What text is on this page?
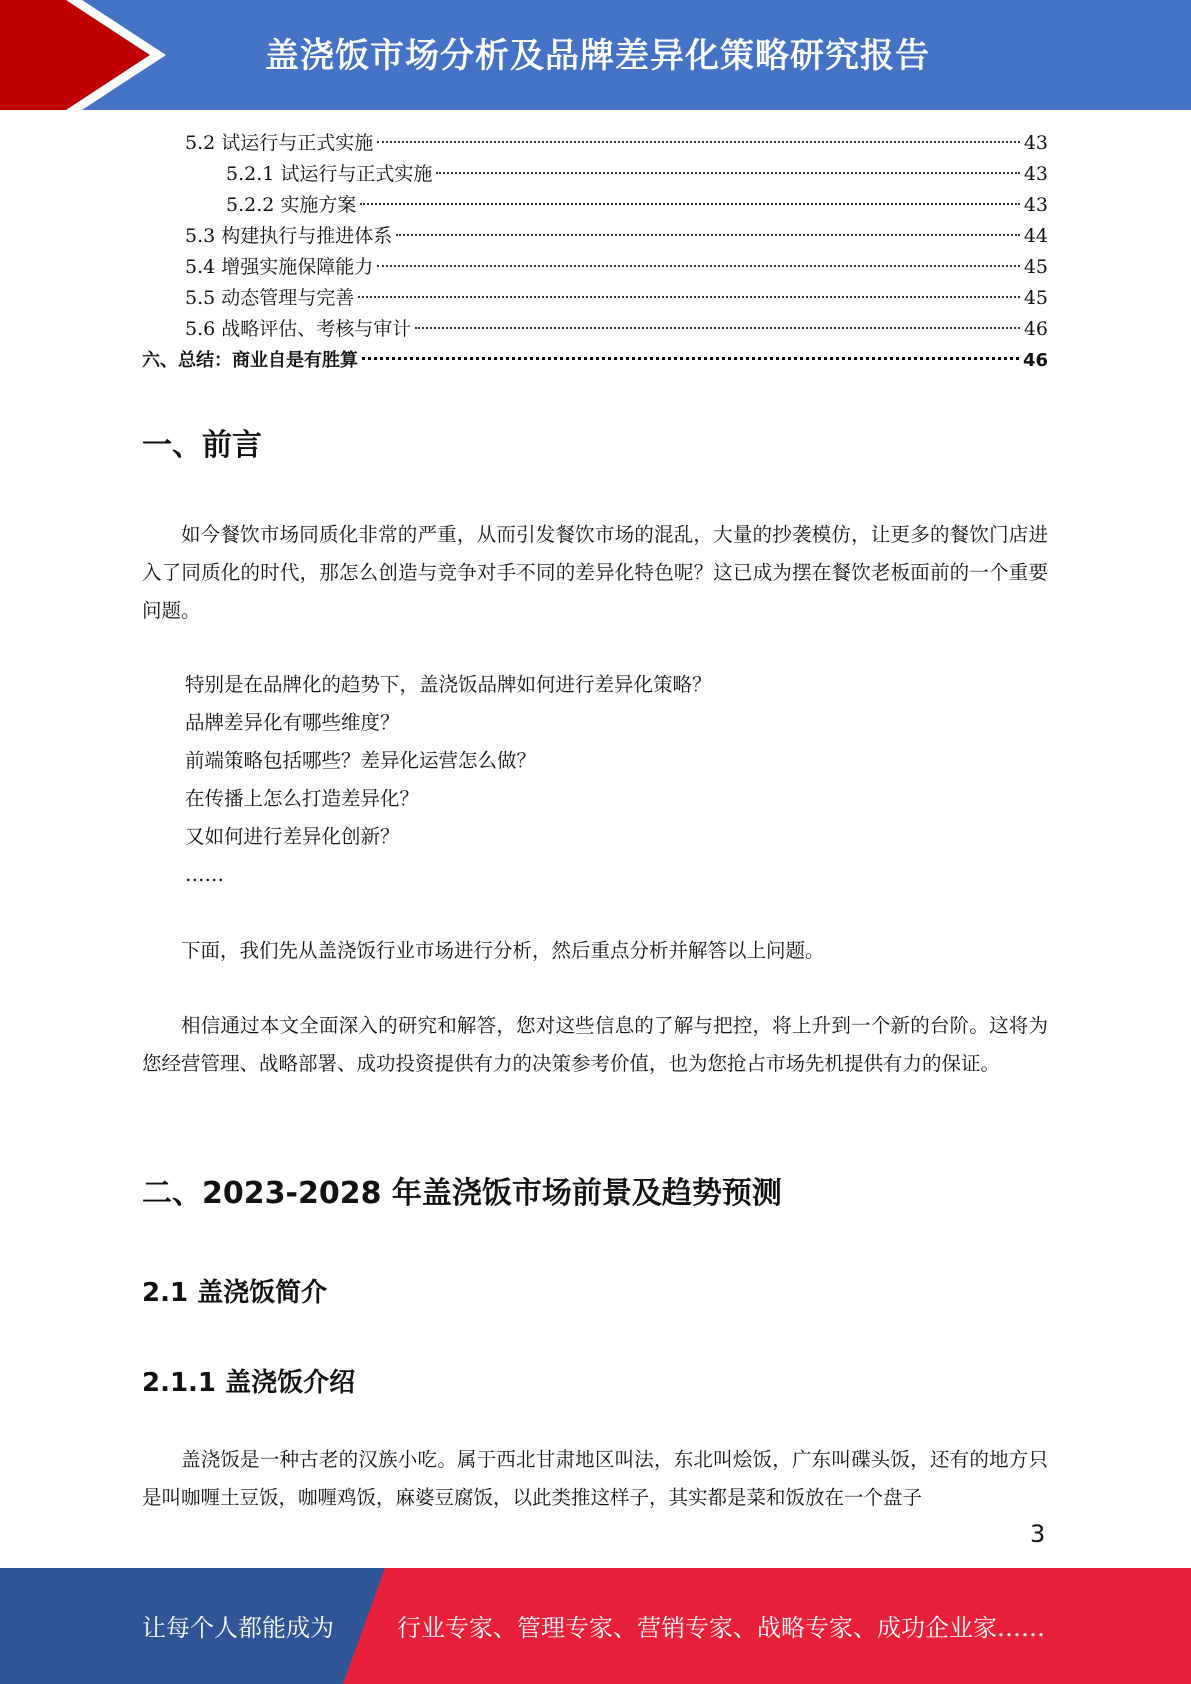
盖浇饭市场分析及品牌差异化策略研究报告
5.2 试运行与正式实施	43
5.2.1 试运行与正式实施	43
5.2.2 实施方案	43
5.3 构建执行与推进体系	44
5.4 增强实施保障能力	45
5.5 动态管理与完善	45
5.6 战略评估、考核与审计	46
六、总结：商业自是有胜算	46
一、前言
如今餐饮市场同质化非常的严重，从而引发餐饮市场的混乱，大量的抄袭模仿，让更多的餐饮门店进入了同质化的时代，那怎么创造与竞争对手不同的差异化特色呢？这已成为摆在餐饮老板面前的一个重要问题。
特别是在品牌化的趋势下，盖浇饭品牌如何进行差异化策略？
品牌差异化有哪些维度？
前端策略包括哪些？差异化运营怎么做？
在传播上怎么打造差异化？
又如何进行差异化创新？
……
下面，我们先从盖浇饭行业市场进行分析，然后重点分析并解答以上问题。
相信通过本文全面深入的研究和解答，您对这些信息的了解与把控，将上升到一个新的台阶。这将为您经营管理、战略部署、成功投资提供有力的决策参考价值，也为您抢占市场先机提供有力的保证。
二、2023-2028 年盖浇饭市场前景及趋势预测
2.1 盖浇饭简介
2.1.1 盖浇饭介绍
盖浇饭是一种古老的汉族小吃。属于西北甘肃地区叫法，东北叫烩饭，广东叫碟头饭，还有的地方只是叫咖喱土豆饭，咖喱鸡饭，麻婆豆腐饭，以此类推这样子，其实都是菜和饭放在一个盘子
3
让每个人都能成为	行业专家、管理专家、营销专家、战略专家、成功企业家……
